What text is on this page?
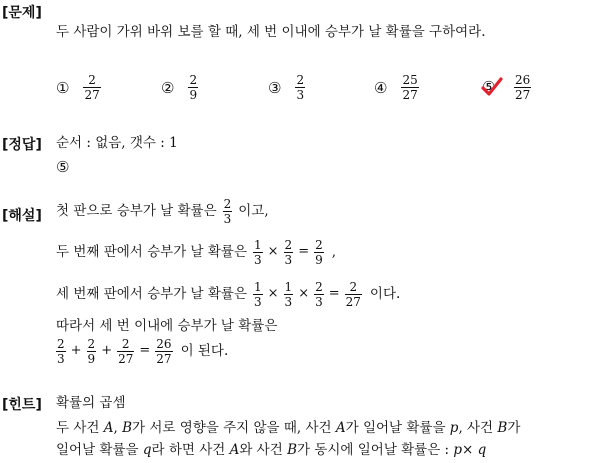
[문제]
두 사람이 가위 바위 보를 할 때, 세 번 이내에 승부가 날 확률을 구하여라.
① $\frac{2}{27}$	② $\frac{2}{9}$	③ $\frac{2}{3}$	④ $\frac{25}{27}$	⑤ $\frac{26}{27}$
[정답] 순서 : 없음, 갯수 : 1
⑤
[해설] 첫 판으로 승부가 날 확률은 $\frac{2}{3}$ 이고,
두 번째 판에서 승부가 날 확률은 $\frac{1}{3} \times \frac{2}{3} = \frac{2}{9}$ ,
세 번째 판에서 승부가 날 확률은 $\frac{1}{3} \times \frac{1}{3} \times \frac{2}{3} = \frac{2}{27}$ 이다.
따라서 세 번 이내에 승부가 날 확률은
$\frac{2}{3} + \frac{2}{9} + \frac{2}{27} = \frac{26}{27}$ 이 된다.
[힌트] 확률의 곱셈
두 사건 A, B가 서로 영향을 주지 않을 때, 사건 A가 일어날 확률을 p, 사건 B가
일어날 확률을 q라 하면 사건 A와 사건 B가 동시에 일어날 확률은 : p× q
